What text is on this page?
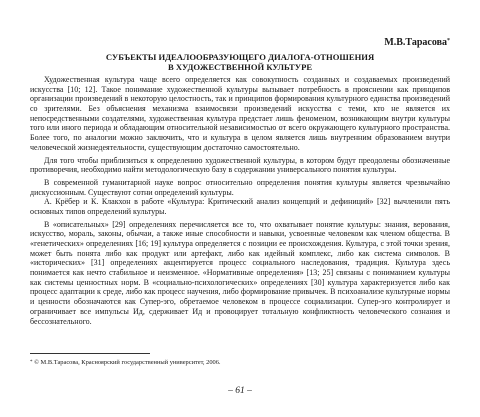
М.В.Тарасова*

СУБЪЕКТЫ ИДЕАЛООБРАЗУЮЩЕГО ДИАЛОГА-ОТНОШЕНИЯ
В ХУДОЖЕСТВЕННОЙ КУЛЬТУРЕ

Художественная культура чаще всего определяется как совокупность созданных и создаваемых произведений искусства [10; 12]. Такое понимание художественной культуры вызывает потребность в прояснении как принципов организации произведений в некоторую целостность, так и принципов формирования культурного единства произведений со зрителями. Без объяснения механизма взаимосвязи произведений искусства с теми, кто не является их непосредственными создателями, художественная культура предстает лишь феноменом, возникающим внутри культуры того или иного периода и обладающим относительной независимостью от всего окружающего культурного пространства. Более того, по аналогии можно заключить, что и культура в целом является лишь внутренним образованием внутри человеческой жизнедеятельности, существующим достаточно самостоятельно.

Для того чтобы приблизиться к определению художественной культуры, в котором будут преодолены обозначенные противоречия, необходимо найти методологическую базу в содержании универсального понятия культуры.

В современной гуманитарной науке вопрос относительно определения понятия культуры является чрезвычайно дискуссионным. Существуют сотни определений культуры.

А. Крёбер и К. Клакхон в работе «Культура: Критический анализ концепций и дефиниций» [32] вычленили пять основных типов определений культуры.

В «описательных» [29] определениях перечисляется все то, что охватывает понятие культуры: знания, верования, искусство, мораль, законы, обычаи, а также иные способности и навыки, усвоенные человеком как членом общества. В «генетических» определениях [16; 19] культура определяется с позиции ее происхождения. Культура, с этой точки зрения, может быть понята либо как продукт или артефакт, либо как идейный комплекс, либо как система символов. В «исторических» [31] определениях акцентируется процесс социального наследования, традиция. Культура здесь понимается как нечто стабильное и неизменное. «Нормативные определения» [13; 25] связаны с пониманием культуры как системы ценностных норм. В «социально-психологических» определениях [30] культура характеризуется либо как процесс адаптации к среде, либо как процесс научения, либо формирование привычек. В психоанализе культурные нормы и ценности обозначаются как Супер-эго, обретаемое человеком в процессе социализации. Супер-эго контролирует и ограничивает все импульсы Ид, сдерживает Ид и провоцирует тотальную конфликтность человеческого сознания и бессознательного.

* © М.В.Тарасова, Красноярский государственный университет, 2006.

– 61 –
